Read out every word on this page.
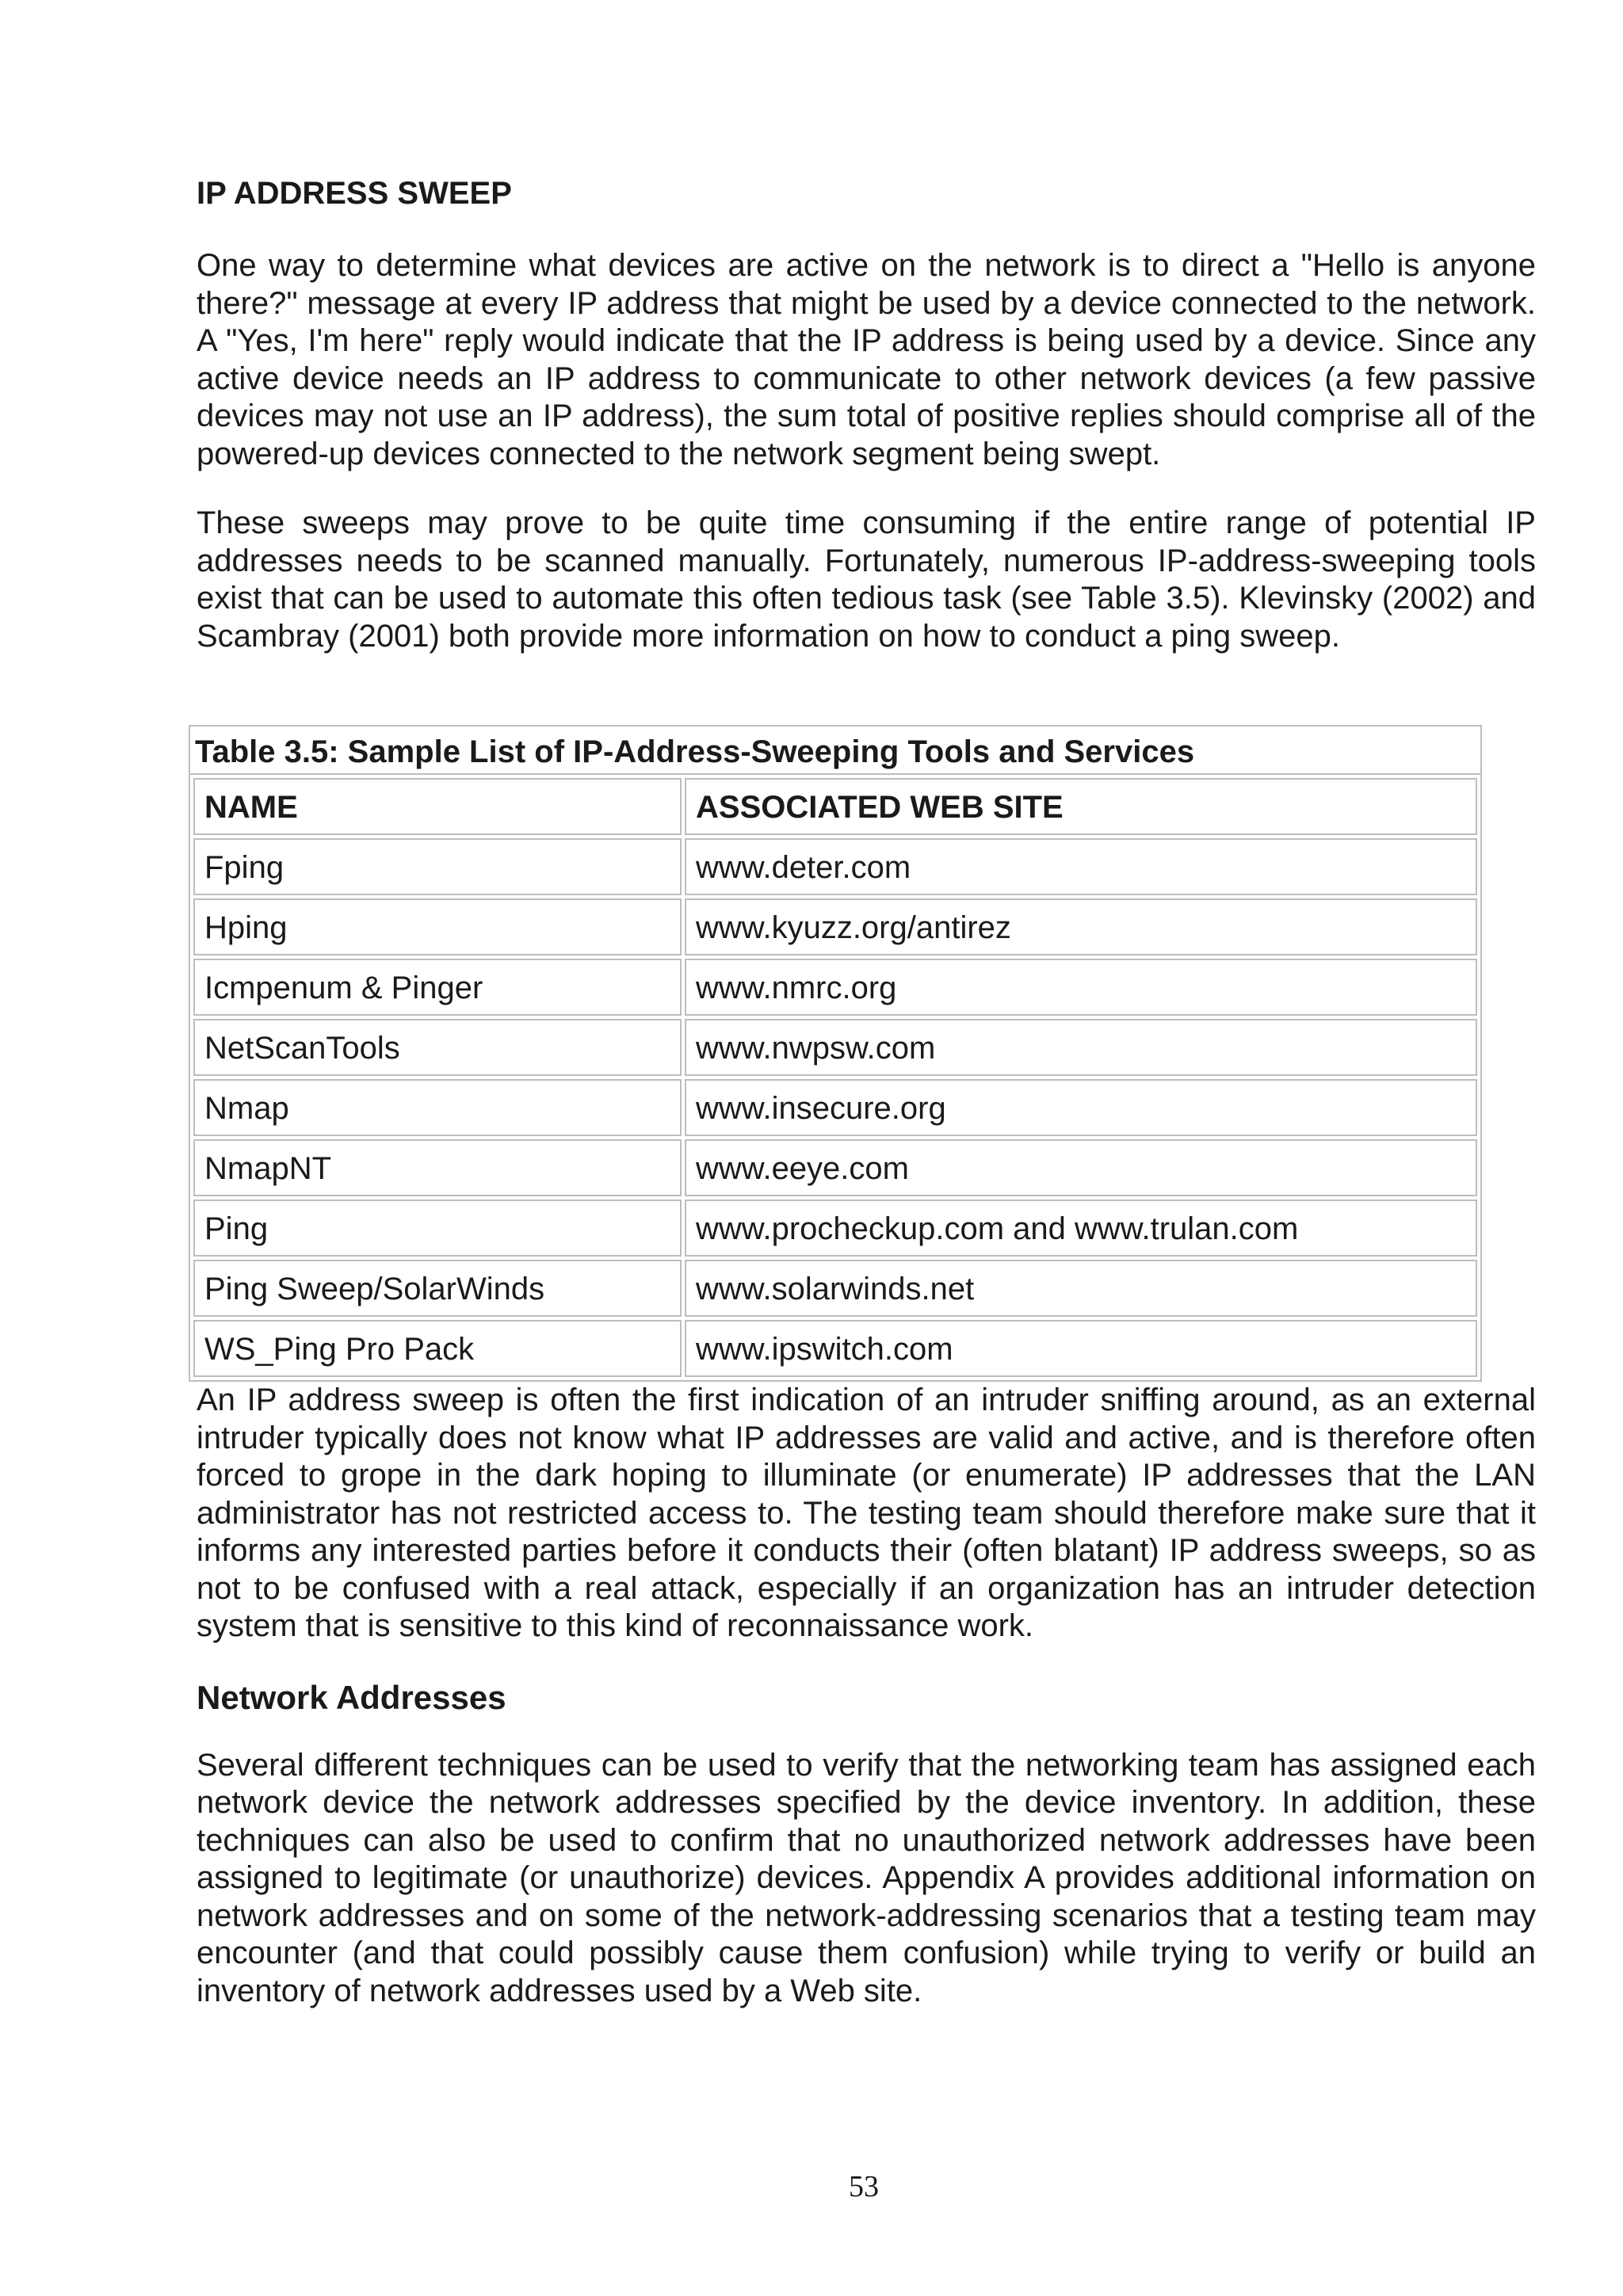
IP ADDRESS SWEEP

One way to determine what devices are active on the network is to direct a "Hello is anyone there?" message at every IP address that might be used by a device connected to the network. A "Yes, I'm here" reply would indicate that the IP address is being used by a device. Since any active device needs an IP address to communicate to other network devices (a few passive devices may not use an IP address), the sum total of positive replies should comprise all of the powered-up devices connected to the network segment being swept.

These sweeps may prove to be quite time consuming if the entire range of potential IP addresses needs to be scanned manually. Fortunately, numerous IP-address-sweeping tools exist that can be used to automate this often tedious task (see Table 3.5). Klevinsky (2002) and Scambray (2001) both provide more information on how to conduct a ping sweep.

Table 3.5: Sample List of IP-Address-Sweeping Tools and Services
NAME	ASSOCIATED WEB SITE
Fping	www.deter.com
Hping	www.kyuzz.org/antirez
Icmpenum & Pinger	www.nmrc.org
NetScanTools	www.nwpsw.com
Nmap	www.insecure.org
NmapNT	www.eeye.com
Ping	www.procheckup.com and www.trulan.com
Ping Sweep/SolarWinds	www.solarwinds.net
WS_Ping Pro Pack	www.ipswitch.com

An IP address sweep is often the first indication of an intruder sniffing around, as an external intruder typically does not know what IP addresses are valid and active, and is therefore often forced to grope in the dark hoping to illuminate (or enumerate) IP addresses that the LAN administrator has not restricted access to. The testing team should therefore make sure that it informs any interested parties before it conducts their (often blatant) IP address sweeps, so as not to be confused with a real attack, especially if an organization has an intruder detection system that is sensitive to this kind of reconnaissance work.

Network Addresses

Several different techniques can be used to verify that the networking team has assigned each network device the network addresses specified by the device inventory. In addition, these techniques can also be used to confirm that no unauthorized network addresses have been assigned to legitimate (or unauthorize) devices. Appendix A provides additional information on network addresses and on some of the network-addressing scenarios that a testing team may encounter (and that could possibly cause them confusion) while trying to verify or build an inventory of network addresses used by a Web site.

53
